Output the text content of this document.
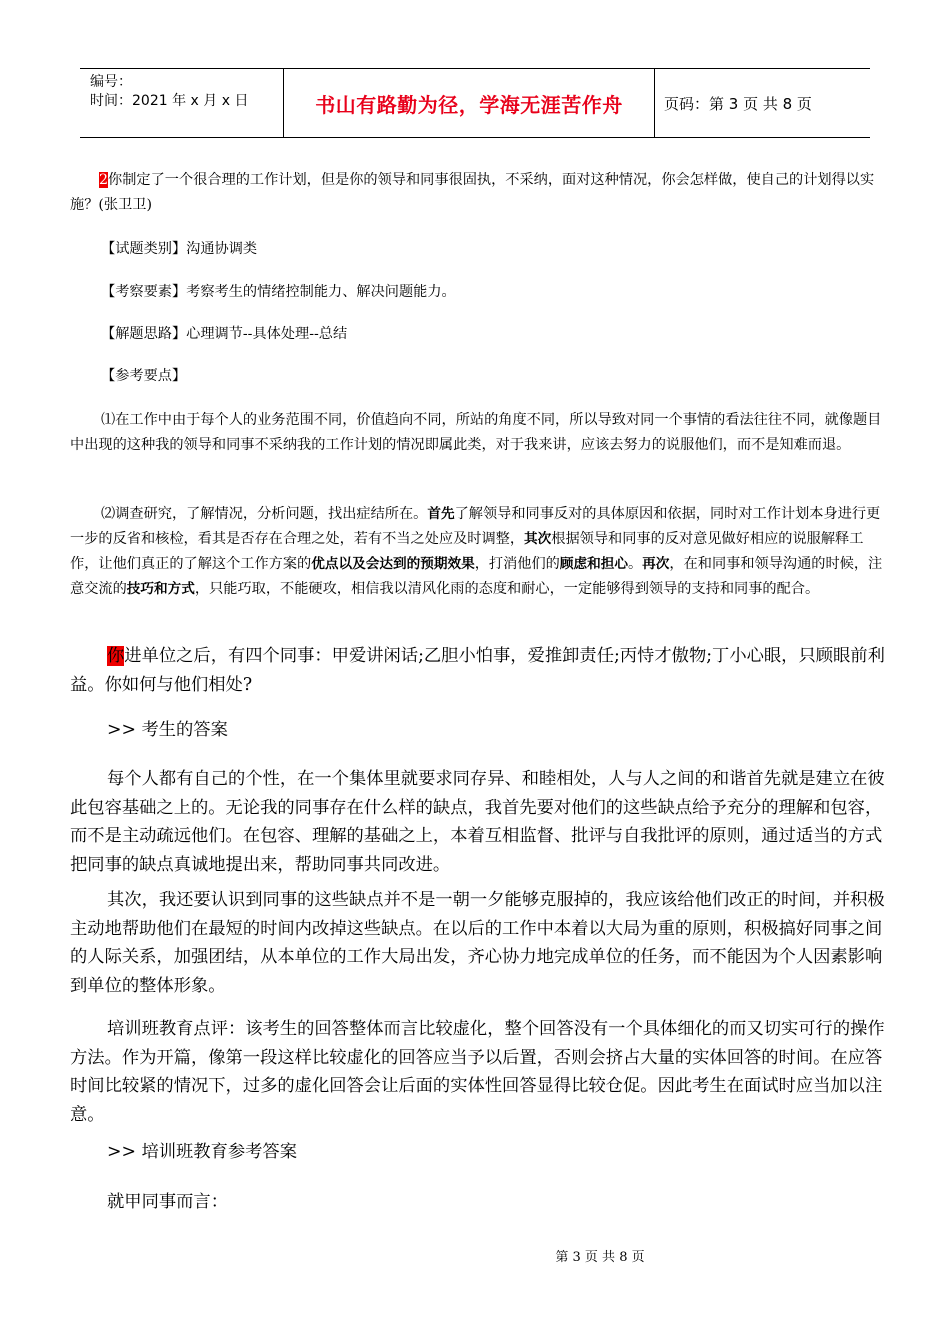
编号：
时间：2021 年 x 月 x 日	书山有路勤为径，学海无涯苦作舟	页码：第 3 页 共 8 页

2你制定了一个很合理的工作计划，但是你的领导和同事很固执，不采纳，面对这种情况，你会怎样做，使自己的计划得以实施？(张卫卫)

【试题类别】沟通协调类

【考察要素】考察考生的情绪控制能力、解决问题能力。

【解题思路】心理调节--具体处理--总结

【参考要点】

⑴在工作中由于每个人的业务范围不同，价值趋向不同，所站的角度不同，所以导致对同一个事情的看法往往不同，就像题目中出现的这种我的领导和同事不采纳我的工作计划的情况即属此类，对于我来讲，应该去努力的说服他们，而不是知难而退。

⑵调查研究，了解情况，分析问题，找出症结所在。首先了解领导和同事反对的具体原因和依据，同时对工作计划本身进行更一步的反省和核检，看其是否存在合理之处，若有不当之处应及时调整，其次根据领导和同事的反对意见做好相应的说服解释工作，让他们真正的了解这个工作方案的优点以及会达到的预期效果，打消他们的顾虑和担心。再次，在和同事和领导沟通的时候，注意交流的技巧和方式，只能巧取，不能硬攻，相信我以清风化雨的态度和耐心，一定能够得到领导的支持和同事的配合。

你进单位之后，有四个同事：甲爱讲闲话;乙胆小怕事，爱推卸责任;丙恃才傲物;丁小心眼，只顾眼前利益。你如何与他们相处?

>> 考生的答案

每个人都有自己的个性，在一个集体里就要求同存异、和睦相处，人与人之间的和谐首先就是建立在彼此包容基础之上的。无论我的同事存在什么样的缺点，我首先要对他们的这些缺点给予充分的理解和包容，而不是主动疏远他们。在包容、理解的基础之上，本着互相监督、批评与自我批评的原则，通过适当的方式把同事的缺点真诚地提出来，帮助同事共同改进。

其次，我还要认识到同事的这些缺点并不是一朝一夕能够克服掉的，我应该给他们改正的时间，并积极主动地帮助他们在最短的时间内改掉这些缺点。在以后的工作中本着以大局为重的原则，积极搞好同事之间的人际关系，加强团结，从本单位的工作大局出发，齐心协力地完成单位的任务，而不能因为个人因素影响到单位的整体形象。

培训班教育点评：该考生的回答整体而言比较虚化，整个回答没有一个具体细化的而又切实可行的操作方法。作为开篇，像第一段这样比较虚化的回答应当予以后置，否则会挤占大量的实体回答的时间。在应答时间比较紧的情况下，过多的虚化回答会让后面的实体性回答显得比较仓促。因此考生在面试时应当加以注意。

>> 培训班教育参考答案

就甲同事而言：

第 3 页 共 8 页
